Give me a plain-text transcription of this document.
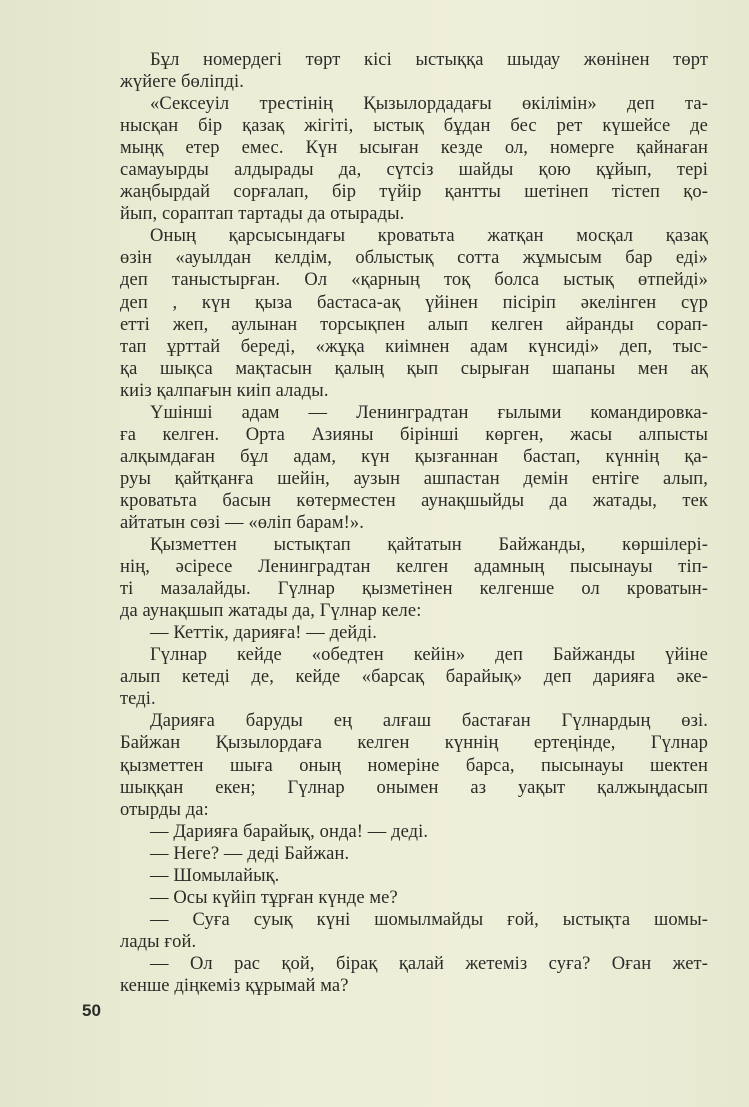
Бұл номердегі төрт кісі ыстыққа шыдау жөнінен төрт
жүйеге бөліпді.
«Сексеуіл трестінің Қызылордадағы өкілімін» деп та-
нысқан бір қазақ жігіті, ыстық бұдан бес рет күшейсе де
мыңқ етер емес. Күн ысыған кезде ол, номерге қайнаған
самауырды алдырады да, сүтсіз шайды қою құйып, тері
жаңбырдай сорғалап, бір түйір қантты шетінеп тістеп қо-
йып, сораптап тартады да отырады.
Оның қарсысындағы кроватьта жатқан мосқал қазақ
өзін «ауылдан келдім, облыстық сотта жұмысым бар еді»
деп таныстырған. Ол «қарның тоқ болса ыстық өтпейді»
деп , күн қыза бастаса-ақ үйінен пісіріп әкелінген сүр
етті жеп, аулынан торсықпен алып келген айранды сорап-
тап ұрттай береді, «жұқа киімнен адам күнсиді» деп, тыс-
қа шықса мақтасын қалың қып сырыған шапаны мен ақ
киіз қалпағын киіп алады.
Үшінші адам — Ленинградтан ғылыми командировка-
ға келген. Орта Азияны бірінші көрген, жасы алпысты
алқымдаған бұл адам, күн қызғаннан бастап, күннің қа-
руы қайтқанға шейін, аузын ашпастан демін ентіге алып,
кроватьта басын көтерместен аунақшыйды да жатады, тек
айтатын сөзі — «өліп барам!».
Қызметтен ыстықтап қайтатын Байжанды, көршілері-
нің, әсіресе Ленинградтан келген адамның пысынауы тіп-
ті мазалайды. Гүлнар қызметінен келгенше ол кроватын-
да аунақшып жатады да, Гүлнар келе:
— Кеттік, дарияға! — дейді.
Гүлнар кейде «обедтен кейін» деп Байжанды үйіне
алып кетеді де, кейде «барсақ барайық» деп дарияға әке-
теді.
Дарияға баруды ең алғаш бастаған Гүлнардың өзі.
Байжан Қызылордаға келген күннің ертеңінде, Гүлнар
қызметтен шыға оның номеріне барса, пысынауы шектен
шыққан екен; Гүлнар онымен аз уақыт қалжыңдасып
отырды да:
— Дарияға барайық, онда! — деді.
— Неге? — деді Байжан.
— Шомылайық.
— Осы күйіп тұрған күнде ме?
— Суға суық күні шомылмайды ғой, ыстықта шомы-
лады ғой.
— Ол рас қой, бірақ қалай жетеміз суға? Оған жет-
кенше діңкеміз құрымай ма?
50
